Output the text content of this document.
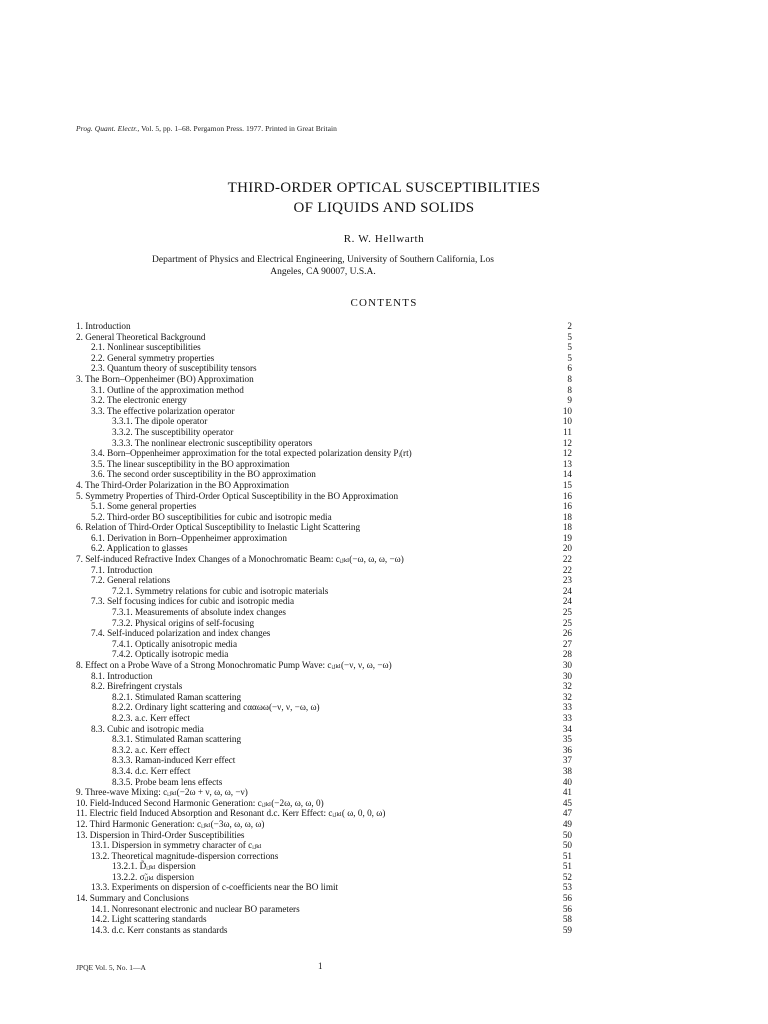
Prog. Quant. Electr., Vol. 5, pp. 1–68. Pergamon Press. 1977. Printed in Great Britain
THIRD-ORDER OPTICAL SUSCEPTIBILITIES
OF LIQUIDS AND SOLIDS
R. W. Hellwarth
Department of Physics and Electrical Engineering, University of Southern California, Los
Angeles, CA 90007, U.S.A.
CONTENTS
1. Introduction	2
2. General Theoretical Background	5
2.1. Nonlinear susceptibilities	5
2.2. General symmetry properties	5
2.3. Quantum theory of susceptibility tensors	6
3. The Born–Oppenheimer (BO) Approximation	8
3.1. Outline of the approximation method	8
3.2. The electronic energy	9
3.3. The effective polarization operator	10
3.3.1. The dipole operator	10
3.3.2. The susceptibility operator	11
3.3.3. The nonlinear electronic susceptibility operators	12
3.4. Born–Oppenheimer approximation for the total expected polarization density Pᵢ(rt)	12
3.5. The linear susceptibility in the BO approximation	13
3.6. The second order susceptibility in the BO approximation	14
4. The Third-Order Polarization in the BO Approximation	15
5. Symmetry Properties of Third-Order Optical Susceptibility in the BO Approximation	16
5.1. Some general properties	16
5.2. Third-order BO susceptibilities for cubic and isotropic media	18
6. Relation of Third-Order Optical Susceptibility to Inelastic Light Scattering	18
6.1. Derivation in Born–Oppenheimer approximation	19
6.2. Application to glasses	20
7. Self-induced Refractive Index Changes of a Monochromatic Beam: cᵢⱼₖₗ(−ω, ω, ω, −ω)	22
7.1. Introduction	22
7.2. General relations	23
7.2.1. Symmetry relations for cubic and isotropic materials	24
7.3. Self focusing indices for cubic and isotropic media	24
7.3.1. Measurements of absolute index changes	25
7.3.2. Physical origins of self-focusing	25
7.4. Self-induced polarization and index changes	26
7.4.1. Optically anisotropic media	27
7.4.2. Optically isotropic media	28
8. Effect on a Probe Wave of a Strong Monochromatic Pump Wave: cᵢⱼₖₗ(−ν, ν, ω, −ω)	30
8.1. Introduction	30
8.2. Birefringent crystals	32
8.2.1. Stimulated Raman scattering	32
8.2.2. Ordinary light scattering and cααωω(−ν, ν, −ω, ω)	33
8.2.3. a.c. Kerr effect	33
8.3. Cubic and isotropic media	34
8.3.1. Stimulated Raman scattering	35
8.3.2. a.c. Kerr effect	36
8.3.3. Raman-induced Kerr effect	37
8.3.4. d.c. Kerr effect	38
8.3.5. Probe beam lens effects	40
9. Three-wave Mixing: cᵢⱼₖₗ(−2ω + ν, ω, ω, −ν)	41
10. Field-Induced Second Harmonic Generation: cᵢⱼₖₗ(−2ω, ω, ω, 0)	45
11. Electric field Induced Absorption and Resonant d.c. Kerr Effect: cᵢⱼₖₗ( ω, 0, 0, ω)	47
12. Third Harmonic Generation: cᵢⱼₖₗ(−3ω, ω, ω, ω)	49
13. Dispersion in Third-Order Susceptibilities	50
13.1. Dispersion in symmetry character of cᵢⱼₖₗ	50
13.2. Theoretical magnitude-dispersion corrections	51
13.2.1. D̃ᵢⱼₖₗ dispersion	51
13.2.2. σ̃ᵢⱼₖₗ dispersion	52
13.3. Experiments on dispersion of c-coefficients near the BO limit	53
14. Summary and Conclusions	56
14.1. Nonresonant electronic and nuclear BO parameters	56
14.2. Light scattering standards	58
14.3. d.c. Kerr constants as standards	59
JPQE Vol. 5, No. 1—A	1
